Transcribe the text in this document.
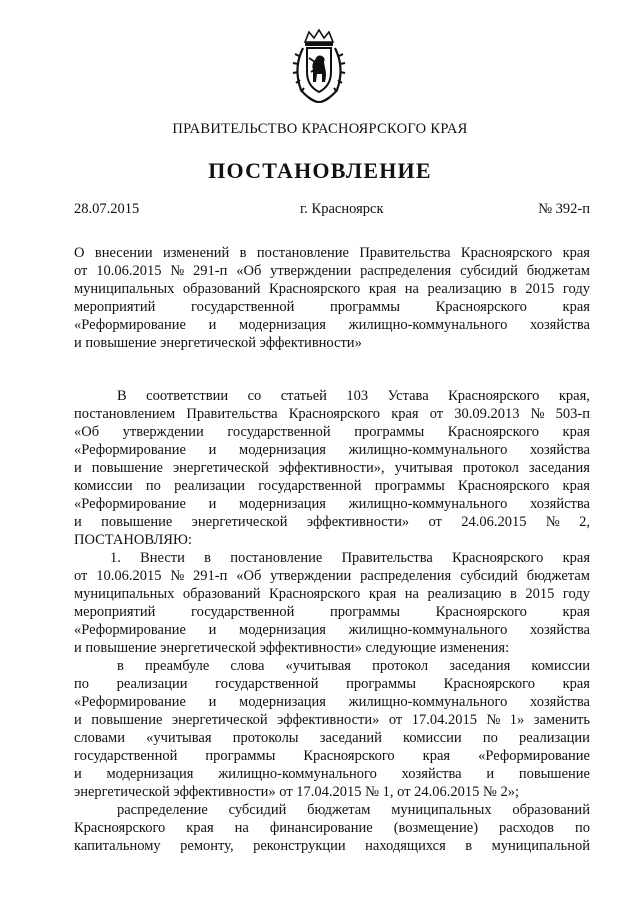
ПРАВИТЕЛЬСТВО КРАСНОЯРСКОГО КРАЯ
ПОСТАНОВЛЕНИЕ
28.07.2015	г. Красноярск	№ 392-п
О внесении изменений в постановление Правительства Красноярского края
от 10.06.2015 № 291-п «Об утверждении распределения субсидий бюджетам
муниципальных образований Красноярского края на реализацию в 2015 году
мероприятий государственной программы Красноярского края
«Реформирование и модернизация жилищно-коммунального хозяйства
и повышение энергетической эффективности»
В соответствии со статьей 103 Устава Красноярского края,
постановлением Правительства Красноярского края от 30.09.2013 № 503-п
«Об утверждении государственной программы Красноярского края
«Реформирование и модернизация жилищно-коммунального хозяйства
и повышение энергетической эффективности», учитывая протокол заседания
комиссии по реализации государственной программы Красноярского края
«Реформирование и модернизация жилищно-коммунального хозяйства
и повышение энергетической эффективности» от 24.06.2015 № 2,
ПОСТАНОВЛЯЮ:
1. Внести в постановление Правительства Красноярского края
от 10.06.2015 № 291-п «Об утверждении распределения субсидий бюджетам
муниципальных образований Красноярского края на реализацию в 2015 году
мероприятий государственной программы Красноярского края
«Реформирование и модернизация жилищно-коммунального хозяйства
и повышение энергетической эффективности» следующие изменения:
в преамбуле слова «учитывая протокол заседания комиссии
по реализации государственной программы Красноярского края
«Реформирование и модернизация жилищно-коммунального хозяйства
и повышение энергетической эффективности» от 17.04.2015 № 1» заменить
словами «учитывая протоколы заседаний комиссии по реализации
государственной программы Красноярского края «Реформирование
и модернизация жилищно-коммунального хозяйства и повышение
энергетической эффективности» от 17.04.2015 № 1, от 24.06.2015 № 2»;
распределение субсидий бюджетам муниципальных образований
Красноярского края на финансирование (возмещение) расходов по
капитальному ремонту, реконструкции находящихся в муниципальной
